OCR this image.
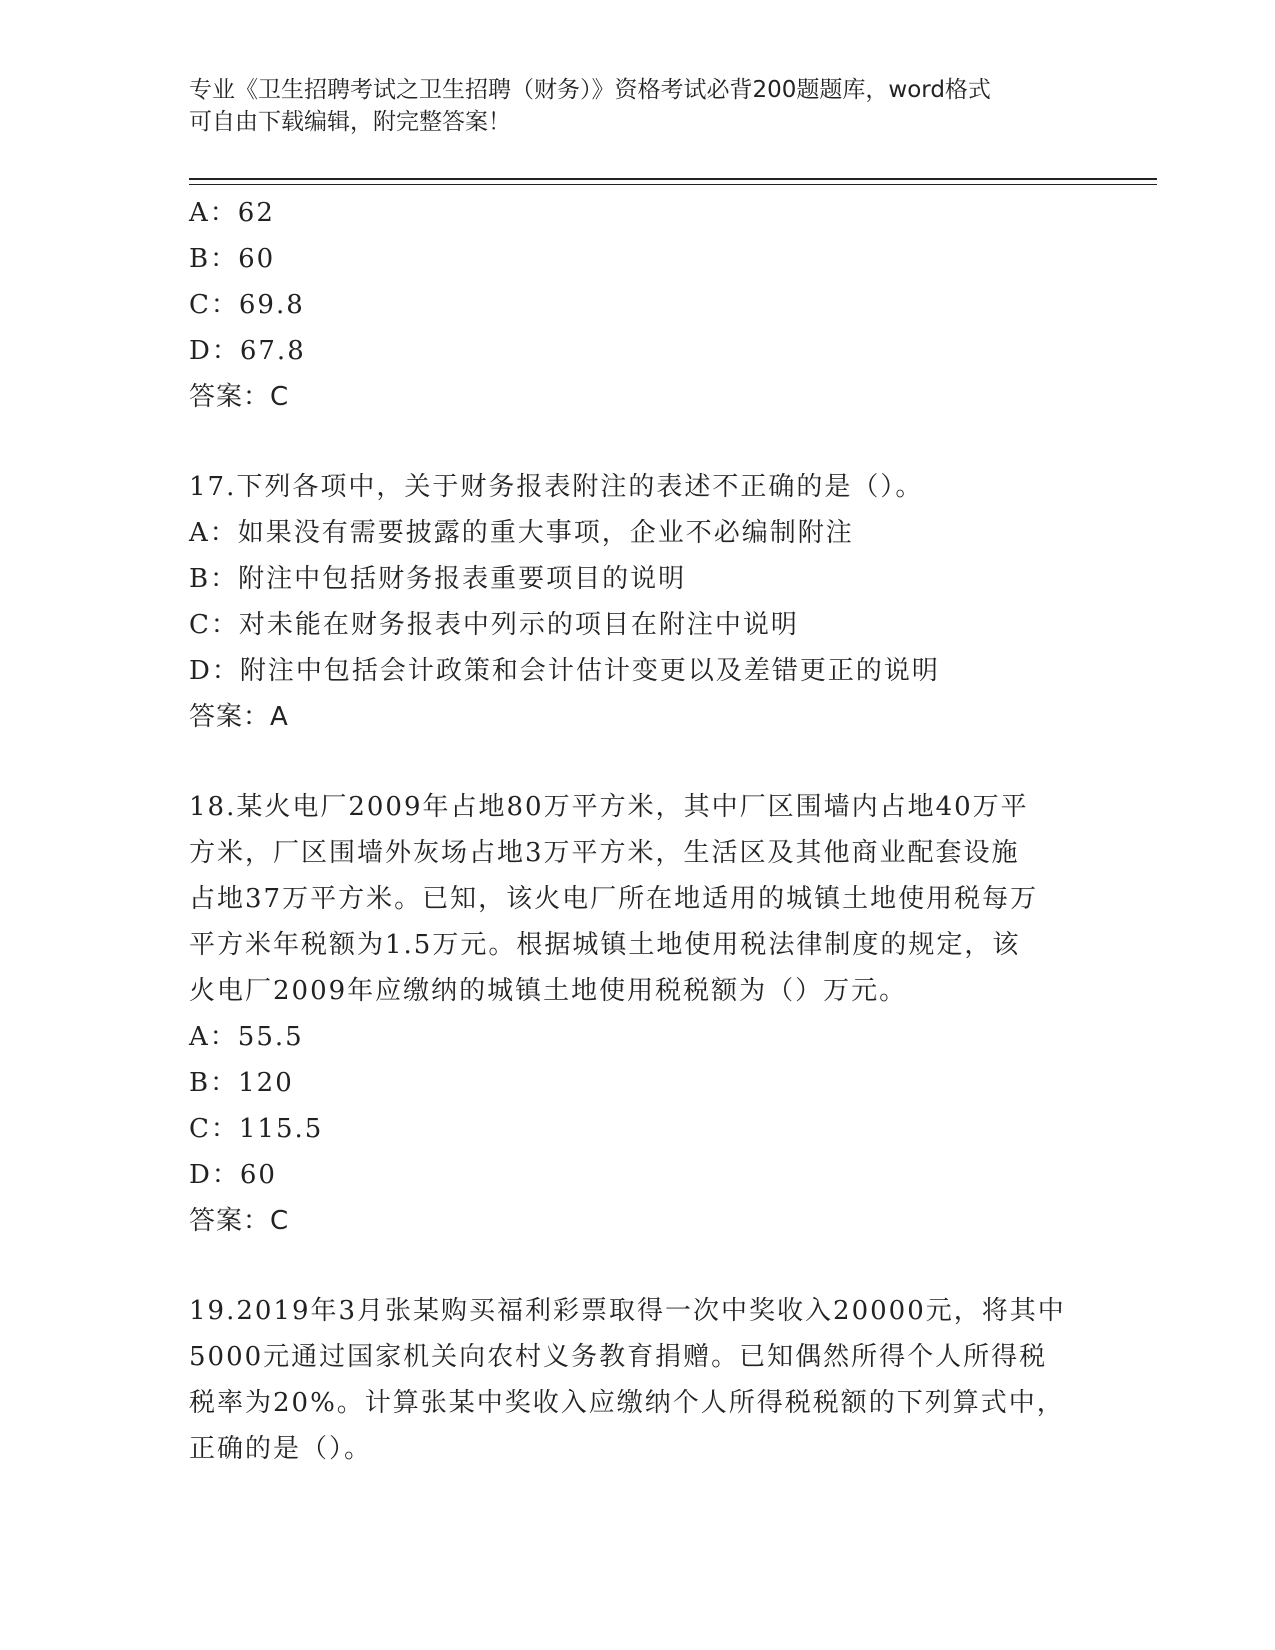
专业《卫生招聘考试之卫生招聘（财务）》资格考试必背200题题库，word格式
可自由下载编辑，附完整答案！
A：62
B：60
C：69.8
D：67.8
答案：C
17.下列各项中，关于财务报表附注的表述不正确的是（）。
A：如果没有需要披露的重大事项，企业不必编制附注
B：附注中包括财务报表重要项目的说明
C：对未能在财务报表中列示的项目在附注中说明
D：附注中包括会计政策和会计估计变更以及差错更正的说明
答案：A
18.某火电厂2009年占地80万平方米，其中厂区围墙内占地40万平
方米，厂区围墙外灰场占地3万平方米，生活区及其他商业配套设施
占地37万平方米。已知，该火电厂所在地适用的城镇土地使用税每万
平方米年税额为1.5万元。根据城镇土地使用税法律制度的规定，该
火电厂2009年应缴纳的城镇土地使用税税额为（）万元。
A：55.5
B：120
C：115.5
D：60
答案：C
19.2019年3月张某购买福利彩票取得一次中奖收入20000元，将其中
5000元通过国家机关向农村义务教育捐赠。已知偶然所得个人所得税
税率为20%。计算张某中奖收入应缴纳个人所得税税额的下列算式中，
正确的是（）。
